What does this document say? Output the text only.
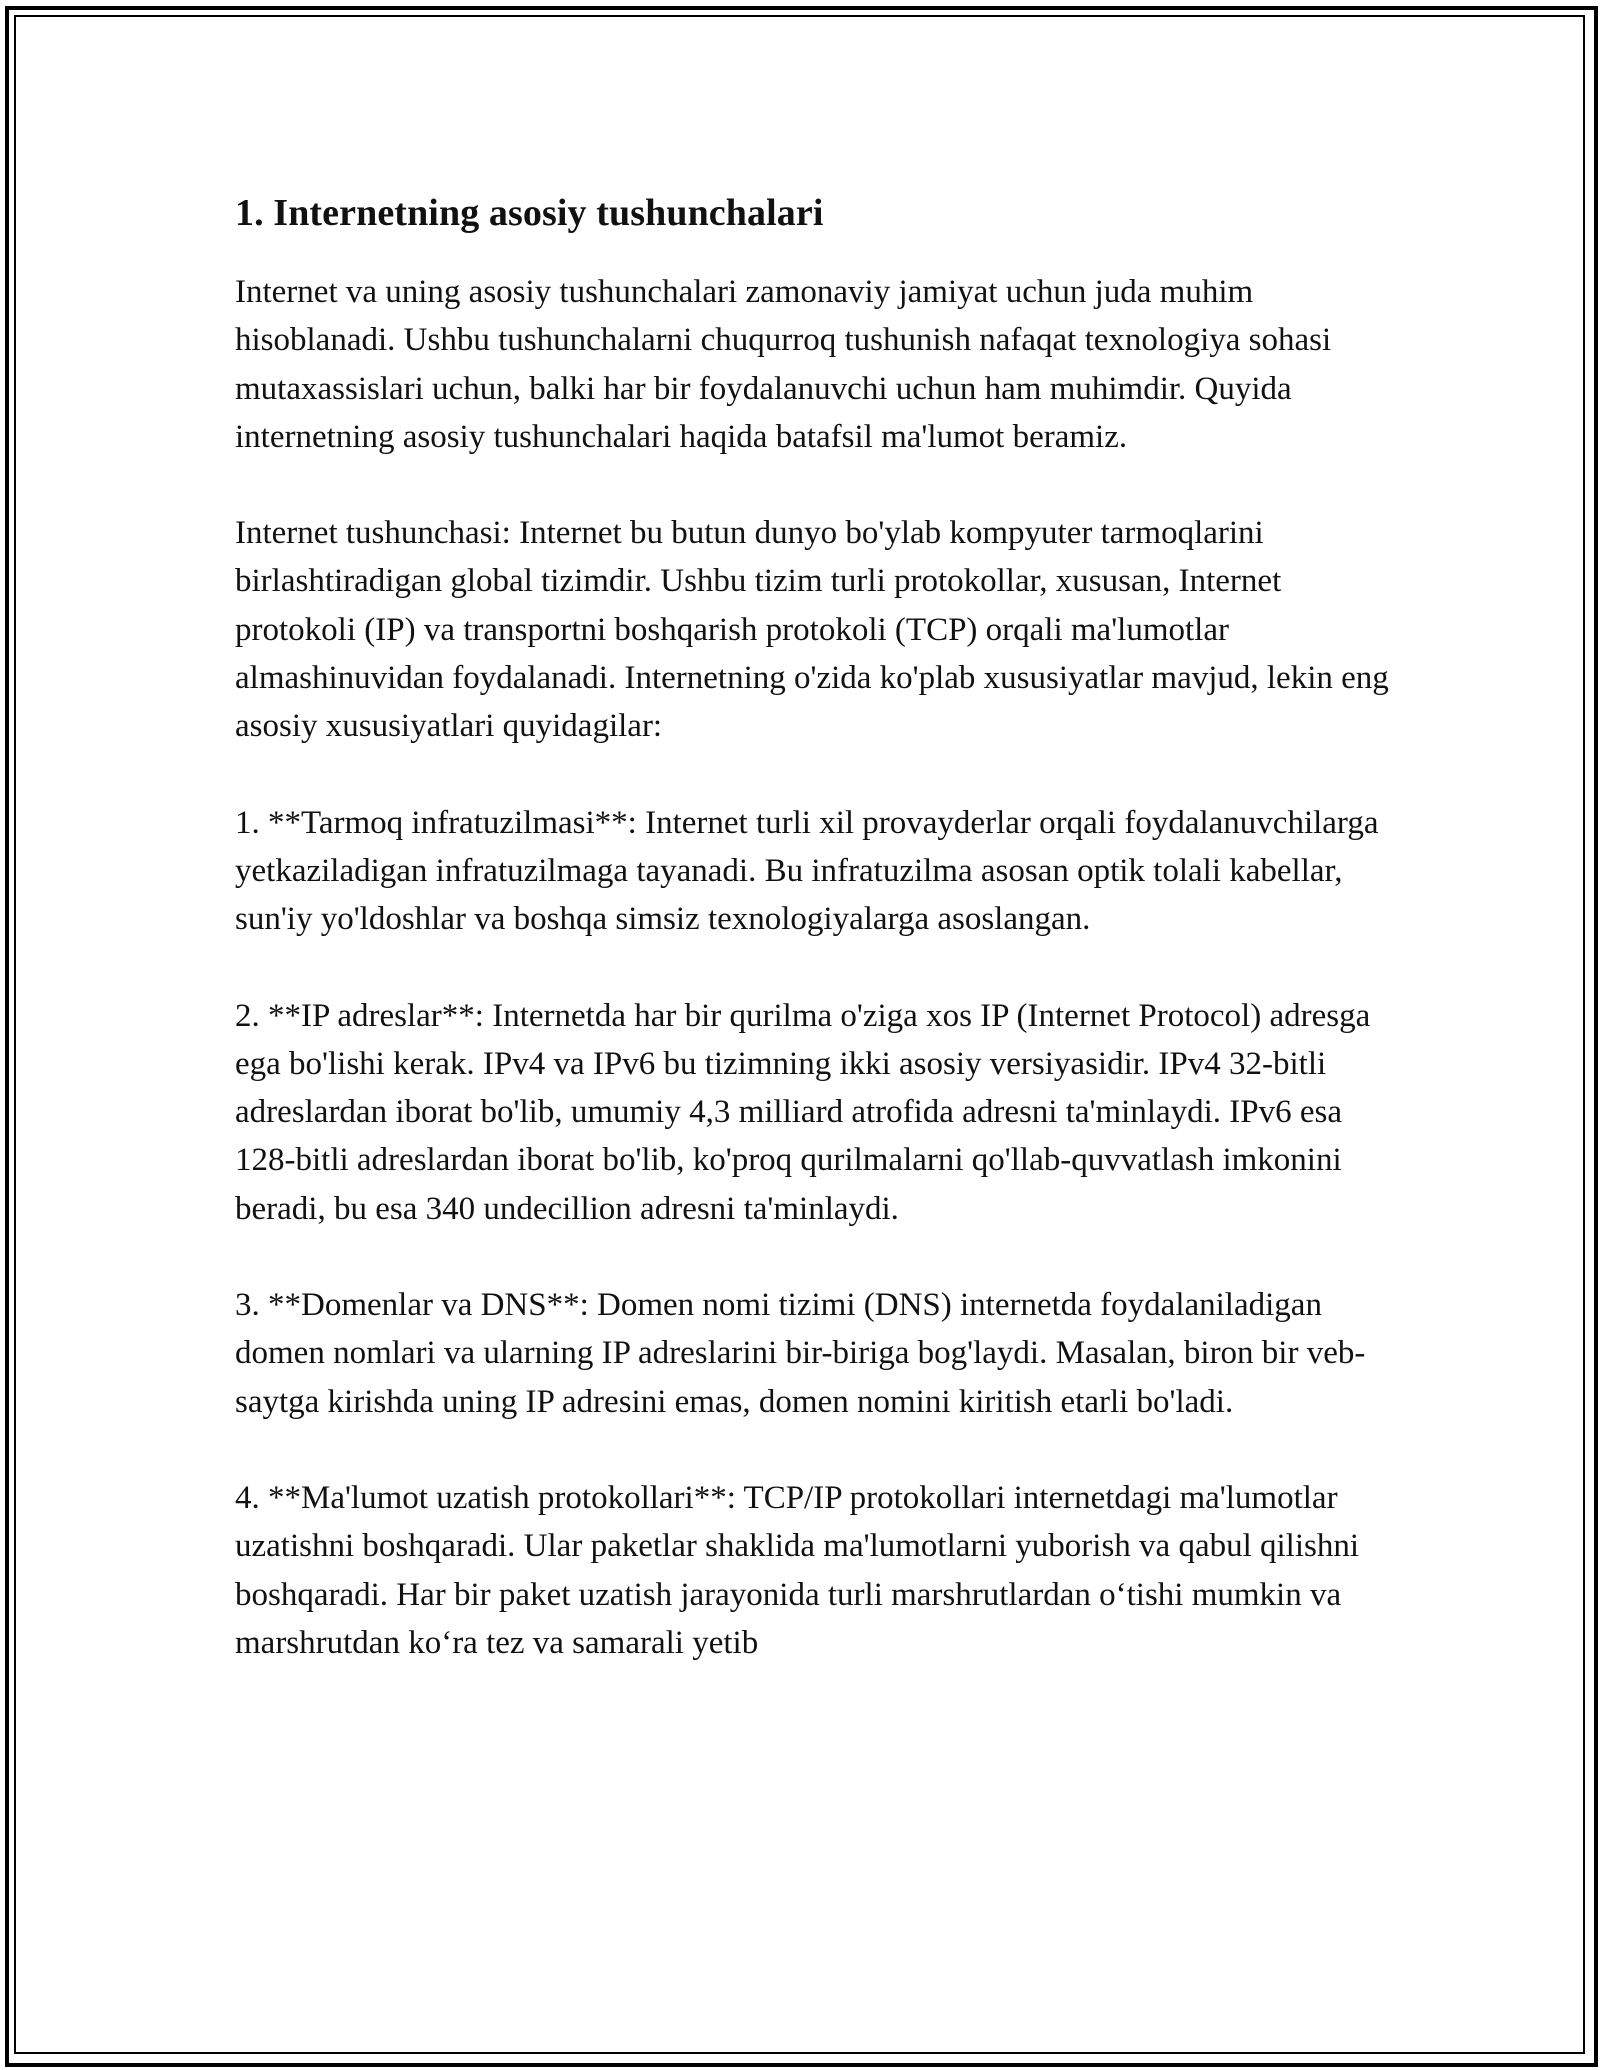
1. Internetning asosiy tushunchalari

Internet va uning asosiy tushunchalari zamonaviy jamiyat uchun juda muhim hisoblanadi. Ushbu tushunchalarni chuqurroq tushunish nafaqat texnologiya sohasi mutaxassislari uchun, balki har bir foydalanuvchi uchun ham muhimdir. Quyida internetning asosiy tushunchalari haqida batafsil ma'lumot beramiz.

Internet tushunchasi: Internet bu butun dunyo bo'ylab kompyuter tarmoqlarini birlashtiradigan global tizimdir. Ushbu tizim turli protokollar, xususan, Internet protokoli (IP) va transportni boshqarish protokoli (TCP) orqali ma'lumotlar almashinuvidan foydalanadi. Internetning o'zida ko'plab xususiyatlar mavjud, lekin eng asosiy xususiyatlari quyidagilar:

1. **Tarmoq infratuzilmasi**: Internet turli xil provayderlar orqali foydalanuvchilarga yetkaziladigan infratuzilmaga tayanadi. Bu infratuzilma asosan optik tolali kabellar, sun'iy yo'ldoshlar va boshqa simsiz texnologiyalarga asoslangan.

2. **IP adreslar**: Internetda har bir qurilma o'ziga xos IP (Internet Protocol) adresga ega bo'lishi kerak. IPv4 va IPv6 bu tizimning ikki asosiy versiyasidir. IPv4 32-bitli adreslardan iborat bo'lib, umumiy 4,3 milliard atrofida adresni ta'minlaydi. IPv6 esa 128-bitli adreslardan iborat bo'lib, ko'proq qurilmalarni qo'llab-quvvatlash imkonini beradi, bu esa 340 undecillion adresni ta'minlaydi.

3. **Domenlar va DNS**: Domen nomi tizimi (DNS) internetda foydalaniladigan domen nomlari va ularning IP adreslarini bir-biriga bog'laydi. Masalan, biron bir veb-saytga kirishda uning IP adresini emas, domen nomini kiritish etarli bo'ladi.

4. **Ma'lumot uzatish protokollari**: TCP/IP protokollari internetdagi ma'lumotlar uzatishni boshqaradi. Ular paketlar shaklida ma'lumotlarni yuborish va qabul qilishni boshqaradi. Har bir paket uzatish jarayonida turli marshrutlardan o‘tishi mumkin va marshrutdan ko‘ra tez va samarali yetib
